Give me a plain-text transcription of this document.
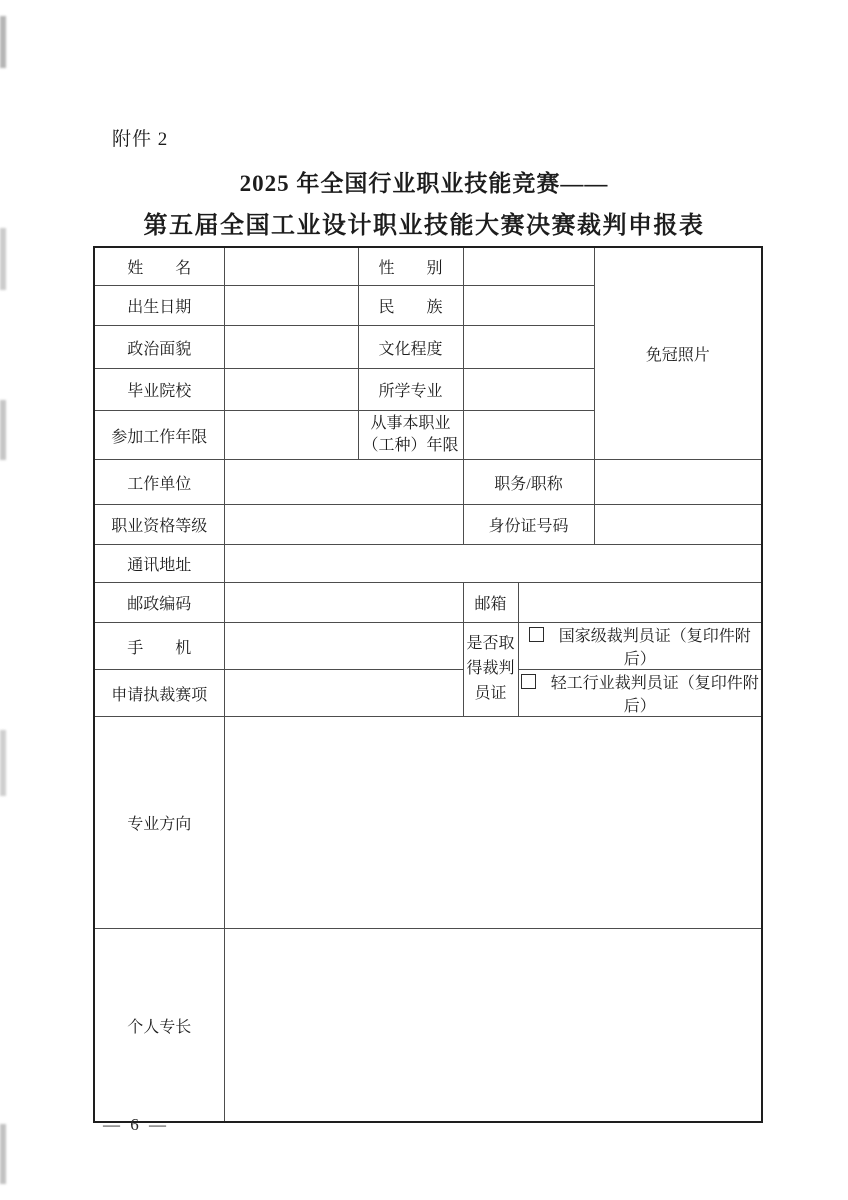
附件 2
2025 年全国行业职业技能竞赛——
第五届全国工业设计职业技能大赛决赛裁判申报表
姓　　名		性　　别			免冠照片
出生日期		民　　族			
政治面貌		文化程度			
毕业院校		所学专业			
参加工作年限		从事本职业
（工种）年限			

工作单位			职务/职称		
职业资格等级			身份证号码		
通讯地址					
邮政编码			邮箱		
手　　机			是否取得裁判员证	国家级裁判员证（复印件附后）	
申请执裁赛项				轻工行业裁判员证（复印件附后）	
专业方向					
个人专长					
— 6 —
